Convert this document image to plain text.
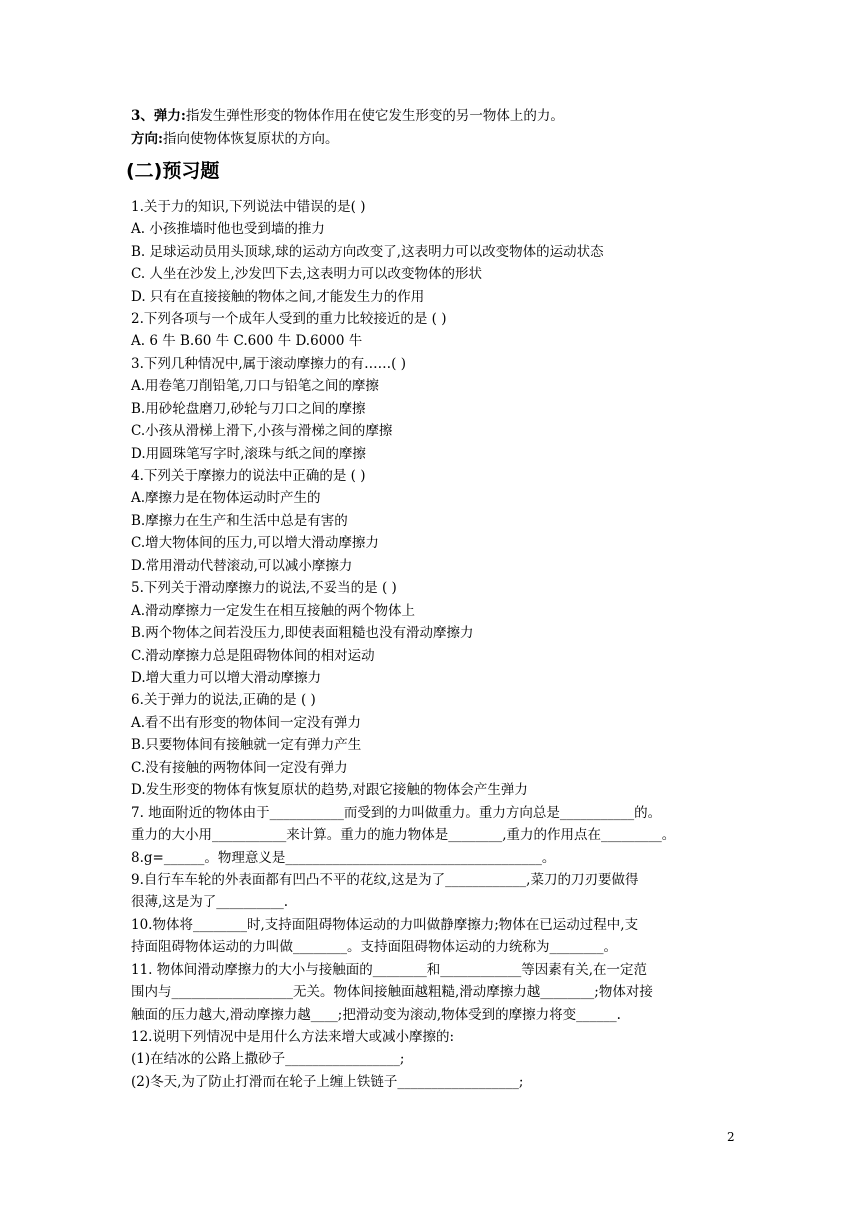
3、弹力:指发生弹性形变的物体作用在使它发生形变的另一物体上的力。
方向:指向使物体恢复原状的方向。
(二)预习题
1.关于力的知识,下列说法中错误的是( )
A. 小孩推墙时他也受到墙的推力
B. 足球运动员用头顶球,球的运动方向改变了,这表明力可以改变物体的运动状态
C. 人坐在沙发上,沙发凹下去,这表明力可以改变物体的形状
D. 只有在直接接触的物体之间,才能发生力的作用
2.下列各项与一个成年人受到的重力比较接近的是 ( )
A. 6 牛 B.60 牛 C.600 牛 D.6000 牛
3.下列几种情况中,属于滚动摩擦力的有……( )
A.用卷笔刀削铅笔,刀口与铅笔之间的摩擦
B.用砂轮盘磨刀,砂轮与刀口之间的摩擦
C.小孩从滑梯上滑下,小孩与滑梯之间的摩擦
D.用圆珠笔写字时,滚珠与纸之间的摩擦
4.下列关于摩擦力的说法中正确的是 ( )
A.摩擦力是在物体运动时产生的
B.摩擦力在生产和生活中总是有害的
C.增大物体间的压力,可以增大滑动摩擦力
D.常用滑动代替滚动,可以减小摩擦力
5.下列关于滑动摩擦力的说法,不妥当的是 ( )
A.滑动摩擦力一定发生在相互接触的两个物体上
B.两个物体之间若没压力,即使表面粗糙也没有滑动摩擦力
C.滑动摩擦力总是阻碍物体间的相对运动
D.增大重力可以增大滑动摩擦力
6.关于弹力的说法,正确的是 ( )
A.看不出有形变的物体间一定没有弹力
B.只要物体间有接触就一定有弹力产生
C.没有接触的两物体间一定没有弹力
D.发生形变的物体有恢复原状的趋势,对跟它接触的物体会产生弹力
7. 地面附近的物体由于___________而受到的力叫做重力。重力方向总是___________的。
重力的大小用___________来计算。重力的施力物体是________,重力的作用点在_________。
8.g=______。物理意义是______________________________________。
9.自行车车轮的外表面都有凹凸不平的花纹,这是为了____________,菜刀的刀刃要做得
很薄,这是为了__________.
10.物体将________时,支持面阻碍物体运动的力叫做静摩擦力;物体在已运动过程中,支
持面阻碍物体运动的力叫做________。支持面阻碍物体运动的力统称为________。
11. 物体间滑动摩擦力的大小与接触面的________和____________等因素有关,在一定范
围内与__________________无关。物体间接触面越粗糙,滑动摩擦力越________;物体对接
触面的压力越大,滑动摩擦力越____;把滑动变为滚动,物体受到的摩擦力将变______.
12.说明下列情况中是用什么方法来增大或减小摩擦的:
(1)在结冰的公路上撒砂子_________________;
(2)冬天,为了防止打滑而在轮子上缠上铁链子__________________;
2
